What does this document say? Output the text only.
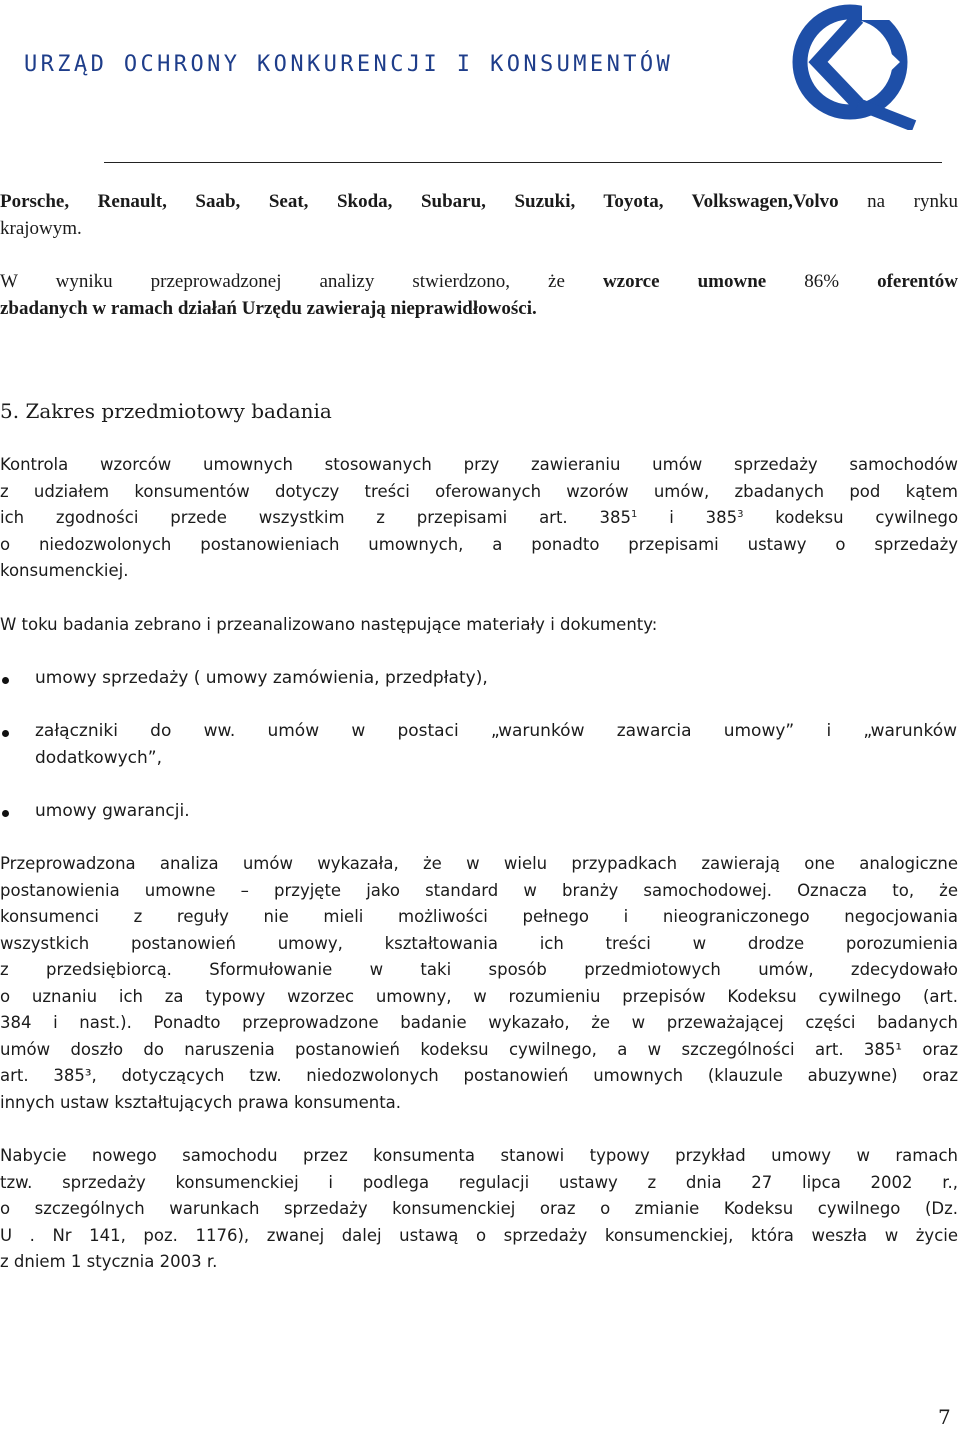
URZĄD OCHRONY KONKURENCJI I KONSUMENTÓW
Porsche, Renault, Saab, Seat, Skoda, Subaru, Suzuki, Toyota, Volkswagen,Volvo na rynku
krajowym.
W wyniku przeprowadzonej analizy stwierdzono, że wzorce umowne 86% oferentów
zbadanych w ramach działań Urzędu zawierają nieprawidłowości.
5. Zakres przedmiotowy badania
Kontrola wzorców umownych stosowanych przy zawieraniu umów sprzedaży samochodów
z udziałem konsumentów dotyczy treści oferowanych wzorów umów, zbadanych pod kątem
ich zgodności przede wszystkim z przepisami art. $385^1$ i $385^3$ kodeksu cywilnego
o niedozwolonych postanowieniach umownych, a ponadto przepisami ustawy o sprzedaży
konsumenckiej.

W toku badania zebrano i przeanalizowano następujące materiały i dokumenty:

umowy sprzedaży ( umowy zamówienia, przedpłaty),

załączniki do ww. umów w postaci „warunków zawarcia umowy” i „warunków
dodatkowych”,

umowy gwarancji.

Przeprowadzona analiza umów wykazała, że w wielu przypadkach zawierają one analogiczne
postanowienia umowne – przyjęte jako standard w branży samochodowej. Oznacza to, że
konsumenci z reguły nie mieli możliwości pełnego i nieograniczonego negocjowania
wszystkich postanowień umowy, kształtowania ich treści w drodze porozumienia
z przedsiębiorcą. Sformułowanie w taki sposób przedmiotowych umów, zdecydowało
o uznaniu ich za typowy wzorzec umowny, w rozumieniu przepisów Kodeksu cywilnego (art.
384 i nast.). Ponadto przeprowadzone badanie wykazało, że w przeważającej części badanych
umów doszło do naruszenia postanowień kodeksu cywilnego, a w szczególności art. 385¹ oraz
art. 385³, dotyczących tzw. niedozwolonych postanowień umownych (klauzule abuzywne) oraz
innych ustaw kształtujących prawa konsumenta.
Nabycie nowego samochodu przez konsumenta stanowi typowy przykład umowy w ramach
tzw. sprzedaży konsumenckiej i podlega regulacji ustawy z dnia 27 lipca 2002 r.,
o szczególnych warunkach sprzedaży konsumenckiej oraz o zmianie Kodeksu cywilnego (Dz.
U . Nr 141, poz. 1176), zwanej dalej ustawą o sprzedaży konsumenckiej, która weszła w życie
z dniem 1 stycznia 2003 r.

7
